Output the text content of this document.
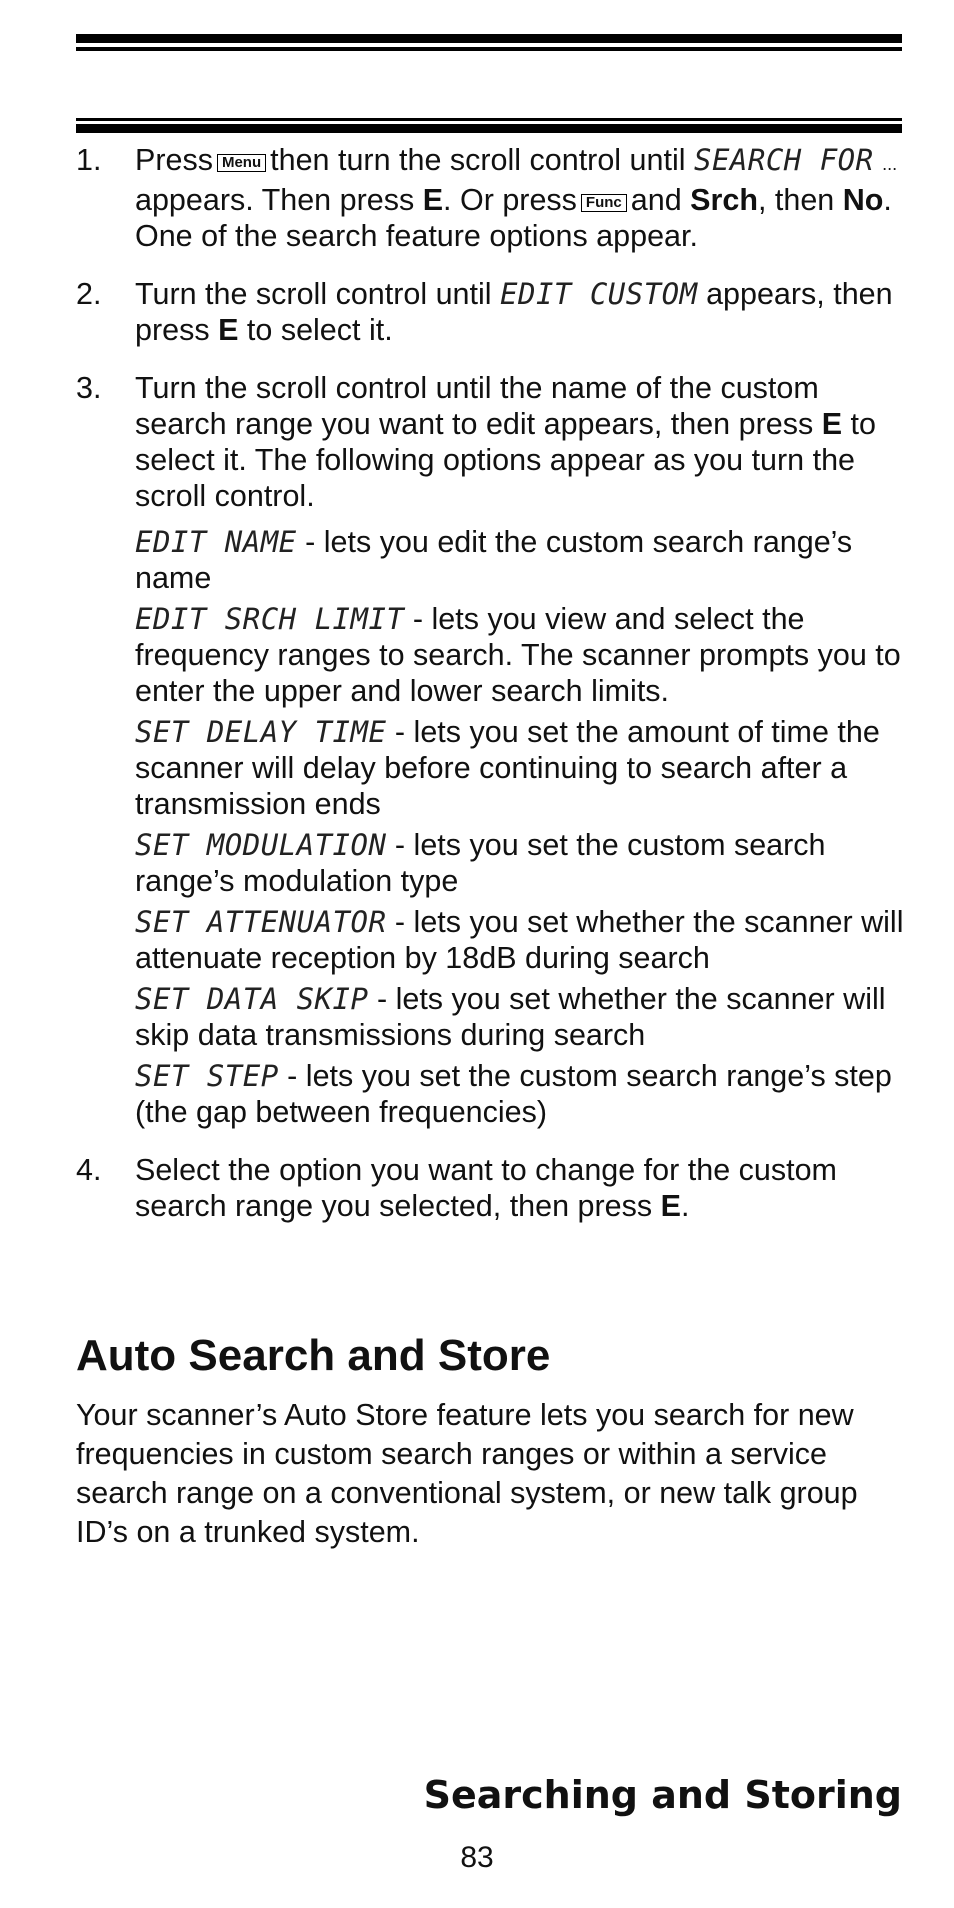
1. Press Menu then turn the scroll control until SEARCH FOR ... appears. Then press E. Or press Func and Srch, then No. One of the search feature options appear.
2. Turn the scroll control until EDIT CUSTOM appears, then press E to select it.
3. Turn the scroll control until the name of the custom search range you want to edit appears, then press E to select it. The following options appear as you turn the scroll control.
EDIT NAME - lets you edit the custom search range’s name
EDIT SRCH LIMIT - lets you view and select the frequency ranges to search. The scanner prompts you to enter the upper and lower search limits.
SET DELAY TIME - lets you set the amount of time the scanner will delay before continuing to search after a transmission ends
SET MODULATION - lets you set the custom search range’s modulation type
SET ATTENUATOR - lets you set whether the scanner will attenuate reception by 18dB during search
SET DATA SKIP - lets you set whether the scanner will skip data transmissions during search
SET STEP - lets you set the custom search range’s step (the gap between frequencies)
4. Select the option you want to change for the custom search range you selected, then press E.
Auto Search and Store

Your scanner’s Auto Store feature lets you search for new frequencies in custom search ranges or within a service search range on a conventional system, or new talk group ID’s on a trunked system.

Searching and Storing

83
